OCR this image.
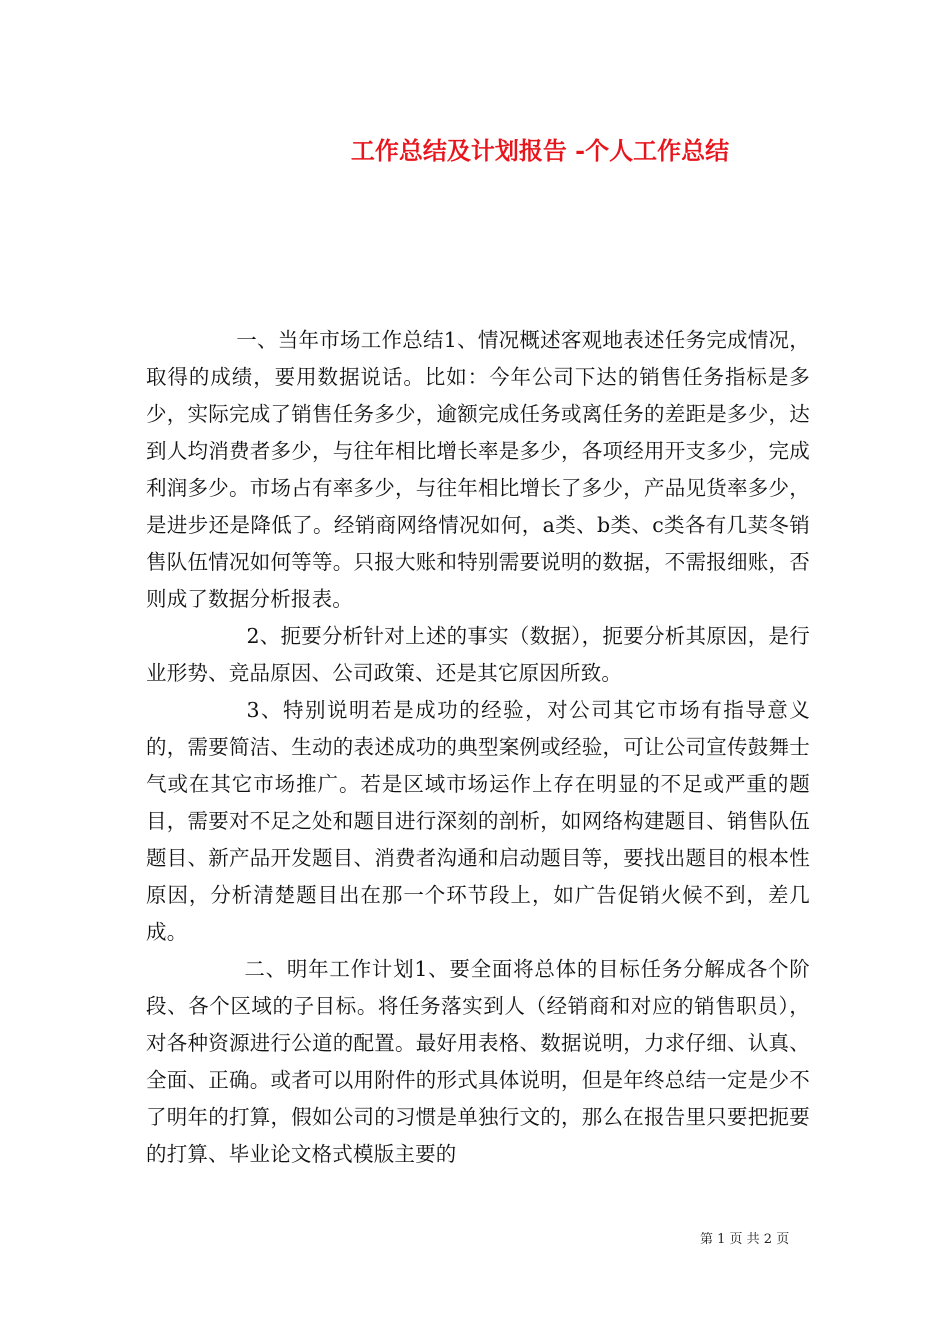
工作总结及计划报告 -个人工作总结

一、当年市场工作总结1、情况概述客观地表述任务完成情况，取得的成绩，要用数据说话。比如：今年公司下达的销售任务指标是多少，实际完成了销售任务多少，逾额完成任务或离任务的差距是多少，达到人均消费者多少，与往年相比增长率是多少，各项经用开支多少，完成利润多少。市场占有率多少，与往年相比增长了多少，产品见货率多少，是进步还是降低了。经销商网络情况如何，a类、b类、c类各有几荬冬销售队伍情况如何等等。只报大账和特别需要说明的数据，不需报细账，否则成了数据分析报表。

2、扼要分析针对上述的事实（数据），扼要分析其原因，是行业形势、竞品原因、公司政策、还是其它原因所致。

3、特别说明若是成功的经验，对公司其它市场有指导意义的，需要简洁、生动的表述成功的典型案例或经验，可让公司宣传鼓舞士气或在其它市场推广。若是区域市场运作上存在明显的不足或严重的题目，需要对不足之处和题目进行深刻的剖析，如网络构建题目、销售队伍题目、新产品开发题目、消费者沟通和启动题目等，要找出题目的根本性原因，分析清楚题目出在那一个环节段上，如广告促销火候不到，差几成。

二、明年工作计划1、要全面将总体的目标任务分解成各个阶段、各个区域的子目标。将任务落实到人（经销商和对应的销售职员），对各种资源进行公道的配置。最好用表格、数据说明，力求仔细、认真、全面、正确。或者可以用附件的形式具体说明，但是年终总结一定是少不了明年的打算，假如公司的习惯是单独行文的，那么在报告里只要把扼要的打算、毕业论文格式模版主要的

第 1 页 共 2 页
